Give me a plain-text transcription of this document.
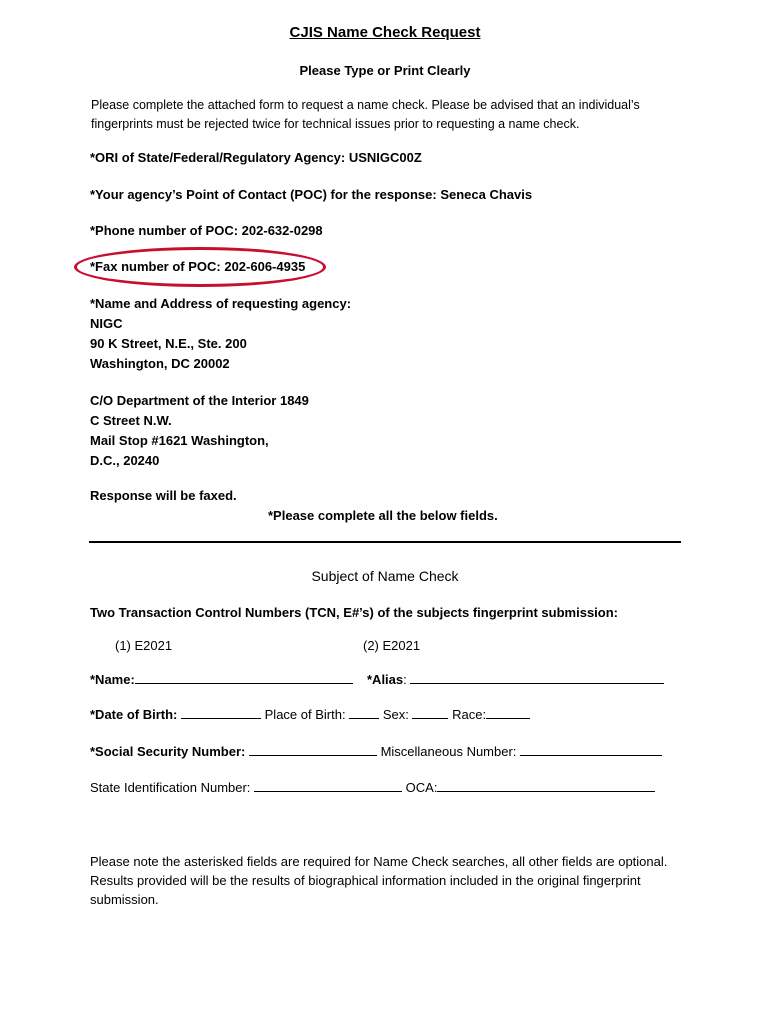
CJIS Name Check Request
Please Type or Print Clearly
Please complete the attached form to request a name check. Please be advised that an individual’s fingerprints must be rejected twice for technical issues prior to requesting a name check.
*ORI of State/Federal/Regulatory Agency: USNIGC00Z
*Your agency’s Point of Contact (POC) for the response: Seneca Chavis
*Phone number of POC: 202-632-0298
*Fax number of POC: 202-606-4935
*Name and Address of requesting agency:
NIGC
90 K Street, N.E., Ste. 200
Washington, DC 20002
C/O Department of the Interior 1849
C Street N.W.
Mail Stop #1621 Washington,
D.C., 20240
Response will be faxed.
*Please complete all the below fields.
Subject of Name Check
Two Transaction Control Numbers (TCN, E#’s) of the subjects fingerprint submission:
(1) E2021	(2) E2021
*Name:	*Alias:
*Date of Birth:	Place of Birth:	Sex:	Race:
*Social Security Number:	Miscellaneous Number:
State Identification Number:	OCA:
Please note the asterisked fields are required for Name Check searches, all other fields are optional. Results provided will be the results of biographical information included in the original fingerprint submission.
